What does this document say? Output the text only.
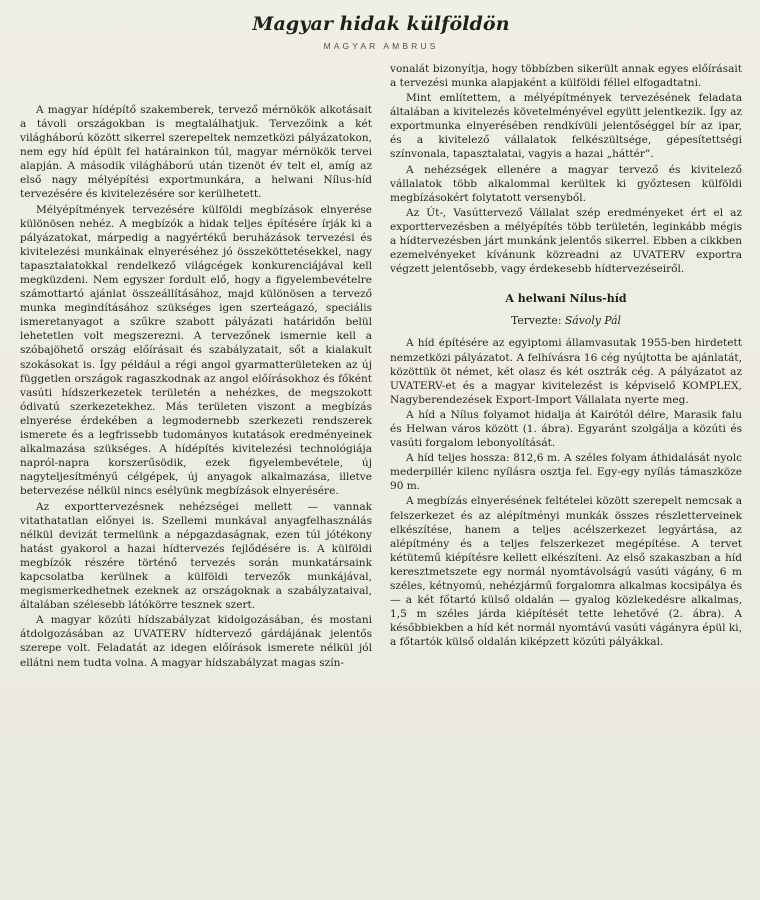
Magyar hidak külföldön
MAGYAR AMBRUS

A magyar hídépítő szakemberek, tervező mérnökök alkotásait a távoli országokban is megtalálhatjuk. Tervezőink a két világháború között sikerrel szerepeltek nemzetközi pályázatokon, nem egy híd épült fel határainkon túl, magyar mérnökök tervei alapján. A második világháború után tizenöt év telt el, amíg az első nagy mélyépítési exportmunkára, a helwani Nílus-híd tervezésére és kivitelezésére sor kerülhetett.

Mélyépítmények tervezésére külföldi megbízások elnyerése különösen nehéz. A megbízók a hidak teljes építésére írják ki a pályázatokat, márpedig a nagyértékű beruházások tervezési és kivitelezési munkáinak elnyeréséhez jó összeköttetésekkel, nagy tapasztalatokkal rendelkező világcégek konkurenciájával kell megküzdeni. Nem egyszer fordult elő, hogy a figyelembevételre számottartó ajánlat összeállításához, majd különösen a tervező munka megindításához szükséges igen szerteágazó, speciális ismeretanyagot a szűkre szabott pályázati határidőn belül lehetetlen volt megszerezni. A tervezőnek ismernie kell a szóbajöhető ország előírásait és szabályzatait, sőt a kialakult szokásokat is. Így például a régi angol gyarmatterületeken az új független országok ragaszkodnak az angol előírásokhoz és főként vasúti hídszerkezetek területén a nehézkes, de megszokott ódivatú szerkezetekhez. Más területen viszont a megbízás elnyerése érdekében a legmodernebb szerkezeti rendszerek ismerete és a legfrissebb tudományos kutatások eredményeinek alkalmazása szükséges. A hídépítés kivitelezési technológiája napról-napra korszerűsödik, ezek figyelembevétele, új nagyteljesítményű célgépek, új anyagok alkalmazása, illetve betervezése nélkül nincs esélyünk megbízások elnyerésére.

Az exporttervezésnek nehézségei mellett — vannak vitathatatlan előnyei is. Szellemi munkával anyagfelhasználás nélkül devizát termelünk a népgazdaságnak, ezen túl jótékony hatást gyakorol a hazai hídtervezés fejlődésére is. A külföldi megbízók részére történő tervezés során munkatársaink kapcsolatba kerülnek a külföldi tervezők munkájával, megismerkedhetnek ezeknek az országoknak a szabályzataival, általában szélesebb látókörre tesznek szert.

A magyar közúti hídszabályzat kidolgozásában, és mostani átdolgozásában az UVATERV hídtervező gárdájának jelentős szerepe volt. Feladatát az idegen előírások ismerete nélkül jól ellátni nem tudta volna. A magyar hídszabályzat magas szín-

vonalát bizonyítja, hogy többízben sikerült annak egyes előírásait a tervezési munka alapjaként a külföldi féllel elfogadtatni.

Mint említettem, a mélyépítmények tervezésének feladata általában a kivitelezés követelményével együtt jelentkezik. Így az exportmunka elnyerésében rendkívüli jelentőséggel bír az ipar, és a kivitelező vállalatok felkészültsége, gépesítettségi színvonala, tapasztalatai, vagyis a hazai „háttér”.

A nehézségek ellenére a magyar tervező és kivitelező vállalatok több alkalommal kerültek ki győztesen külföldi megbízásokért folytatott versenyből.

Az Út-, Vasúttervező Vállalat szép eredményeket ért el az exporttervezésben a mélyépítés több területén, leginkább mégis a hídtervezésben járt munkánk jelentős sikerrel. Ebben a cikkben ezemelvényeket kívánunk közreadni az UVATERV exportra végzett jelentősebb, vagy érdekesebb hídtervezéseiről.

A helwani Nílus-híd
Tervezte: Sávoly Pál

A híd építésére az egyiptomi államvasutak 1955-ben hirdetett nemzetközi pályázatot. A felhívásra 16 cég nyújtotta be ajánlatát, közöttük öt német, két olasz és két osztrák cég. A pályázatot az UVATERV-et és a magyar kivitelezést is képviselő KOMPLEX, Nagyberendezések Export-Import Vállalata nyerte meg.

A híd a Nílus folyamot hidalja át Kairótól délre, Marasik falu és Helwan város között (1. ábra). Egyaránt szolgálja a közúti és vasúti forgalom lebonyolítását.

A híd teljes hossza: 812,6 m. A széles folyam áthidalását nyolc mederpillér kilenc nyílásra osztja fel. Egy-egy nyílás támaszköze 90 m.

A megbízás elnyerésének feltételei között szerepelt nemcsak a felszerkezet és az alépítményi munkák összes részletterveinek elkészítése, hanem a teljes acélszerkezet legyártása, az alépítmény és a teljes felszerkezet megépítése. A tervet kétütemű kiépítésre kellett elkészíteni. Az első szakaszban a híd keresztmetszete egy normál nyomtávolságú vasúti vágány, 6 m széles, kétnyomú, nehézjármű forgalomra alkalmas kocsipálya és — a két főtartó külső oldalán — gyalog közlekedésre alkalmas, 1,5 m széles járda kiépítését tette lehetővé (2. ábra). A későbbiekben a híd két normál nyomtávú vasúti vágányra épül ki, a főtartók külső oldalán kiképzett közúti pályákkal.
